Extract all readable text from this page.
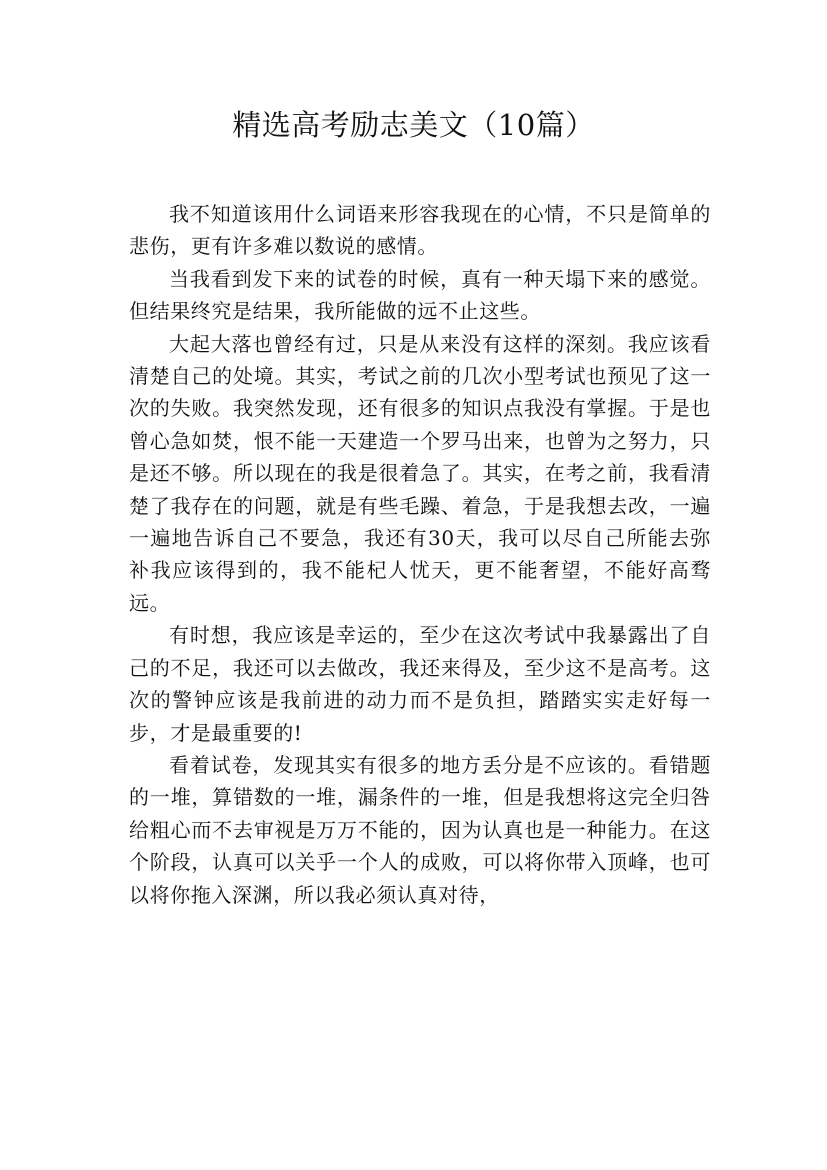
精选高考励志美文（10篇）

我不知道该用什么词语来形容我现在的心情，不只是简单的悲伤，更有许多难以数说的感情。

当我看到发下来的试卷的时候，真有一种天塌下来的感觉。但结果终究是结果，我所能做的远不止这些。

大起大落也曾经有过，只是从来没有这样的深刻。我应该看清楚自己的处境。其实，考试之前的几次小型考试也预见了这一次的失败。我突然发现，还有很多的知识点我没有掌握。于是也曾心急如焚，恨不能一天建造一个罗马出来，也曾为之努力，只是还不够。所以现在的我是很着急了。其实，在考之前，我看清楚了我存在的问题，就是有些毛躁、着急，于是我想去改，一遍一遍地告诉自己不要急，我还有30天，我可以尽自己所能去弥补我应该得到的，我不能杞人忧天，更不能奢望，不能好高骛远。

有时想，我应该是幸运的，至少在这次考试中我暴露出了自己的不足，我还可以去做改，我还来得及，至少这不是高考。这次的警钟应该是我前进的动力而不是负担，踏踏实实走好每一步，才是最重要的!

看着试卷，发现其实有很多的地方丢分是不应该的。看错题的一堆，算错数的一堆，漏条件的一堆，但是我想将这完全归咎给粗心而不去审视是万万不能的，因为认真也是一种能力。在这个阶段，认真可以关乎一个人的成败，可以将你带入顶峰，也可以将你拖入深渊，所以我必须认真对待，
